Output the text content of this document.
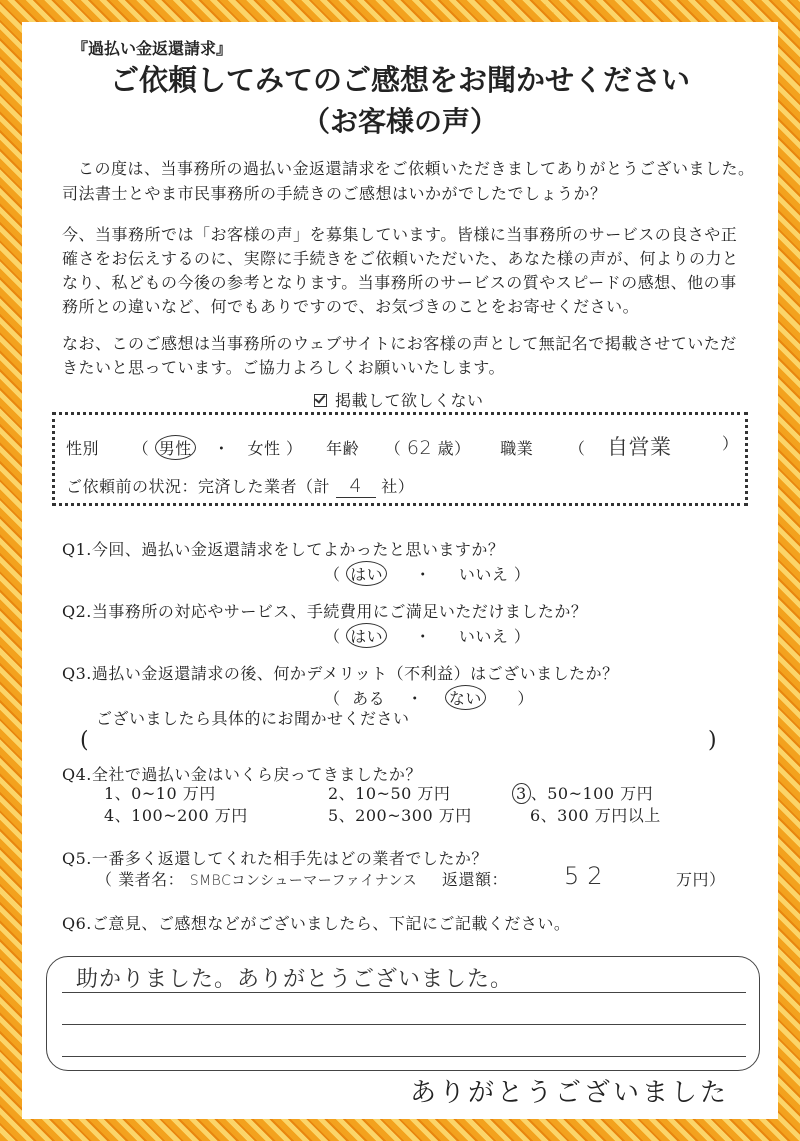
『過払い金返還請求』
ご依頼してみてのご感想をお聞かせください
（お客様の声）
この度は、当事務所の過払い金返還請求をご依頼いただきましてありがとうございました。
司法書士とやま市民事務所の手続きのご感想はいかがでしたでしょうか？
今、当事務所では「お客様の声」を募集しています。皆様に当事務所のサービスの良さや正
確さをお伝えするのに、実際に手続きをご依頼いただいた、あなた様の声が、何よりの力と
なり、私どもの今後の参考となります。当事務所のサービスの質やスピードの感想、他の事
務所との違いなど、何でもありですので、お気づきのことをお寄せください。
なお、このご感想は当事務所のウェブサイトにお客様の声として無記名で掲載させていただ
きたいと思っています。ご協力よろしくお願いいたします。
掲載して欲しくない
性別 （ 男性 ・ 女性 ） 年齢 （ 62 歳） 職業 （ 自営業	）
ご依頼前の状況：完済した業者（計 4 社）
Q1.今回、過払い金返還請求をしてよかったと思いますか？
（ はい ・ いいえ ）
Q2.当事務所の対応やサービス、手続費用にご満足いただけましたか？
（ はい ・ いいえ ）
Q3.過払い金返還請求の後、何かデメリット（不利益）はございましたか？
（ ある ・ ない ）
ございましたら具体的にお聞かせください
(	)
Q4.全社で過払い金はいくら戻ってきましたか？
1、0~10 万円	2、10~50 万円	3 、50~100 万円
4、100~200 万円	5、200~300 万円	6、300 万円以上
Q5.一番多く返還してくれた相手先はどの業者でしたか？
（ 業者名： SMBCコンシューマーファイナンス 返還額： 52	万円）
Q6.ご意見、ご感想などがございましたら、下記にご記載ください。
助かりました。ありがとうございました。
ありがとうございました
